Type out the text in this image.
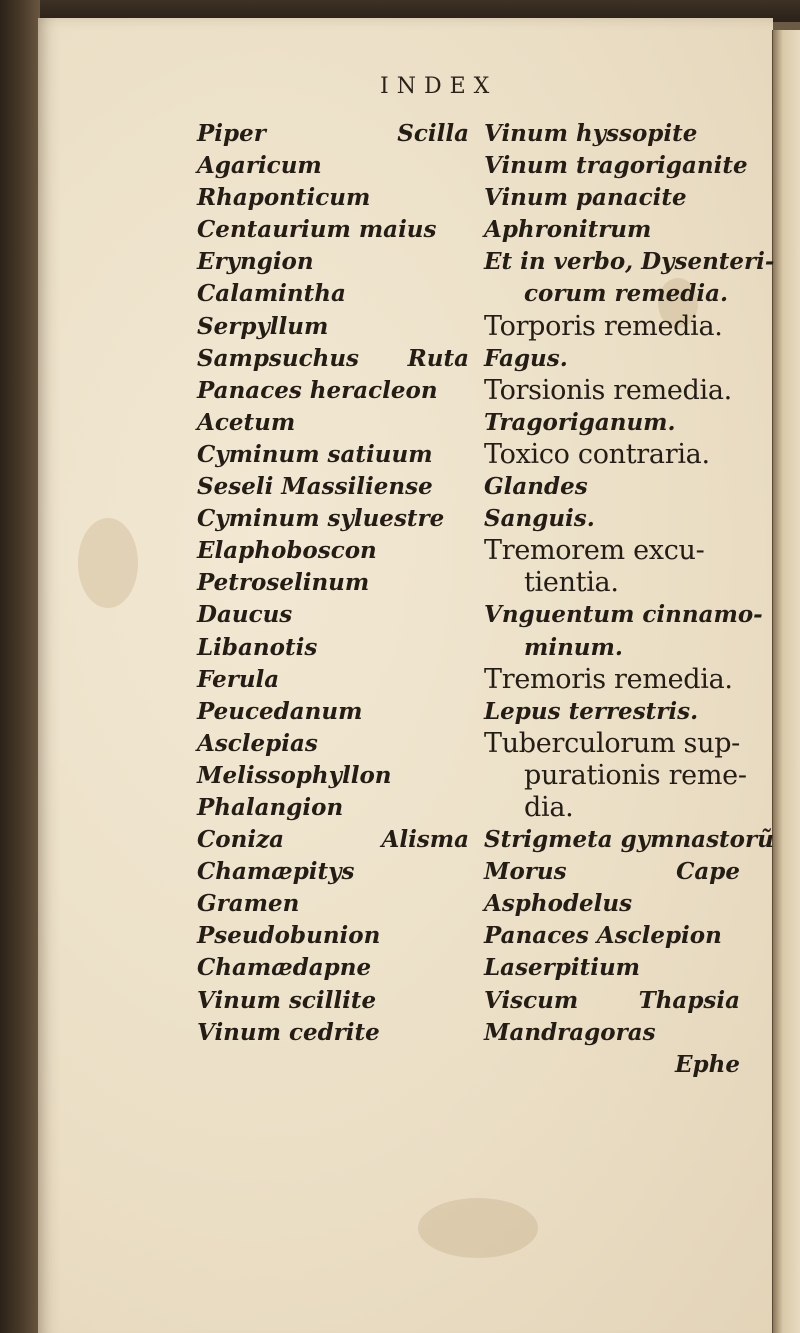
INDEX
Piper	Scilla
Agaricum
Rhaponticum
Centaurium maius
Eryngion
Calamintha
Serpyllum
Sampsuchus Ruta
Panaces heracleon
Acetum
Cyminum satiuum
Seseli Massiliense
Cyminum syluestre
Elaphoboscon
Petroselinum
Daucus
Libanotis
Ferula
Peucedanum
Asclepias
Melissophyllon
Phalangion
Coniza	Alisma
Chamæpitys
Gramen
Pseudobunion
Chamædapne
Vinum scillite
Vinum cedrite
Vinum hyssopite
Vinum tragoriganite
Vinum panacite
Aphronitrum
Et in verbo, Dysenteri-
corum remedia.
Torporis remedia.
Fagus.
Torsionis remedia.
Tragoriganum.
Toxico contraria.
Glandes
Sanguis.
Tremorem excu-
tientia.
Vnguentum cinnamo-
minum.
Tremoris remedia.
Lepus terrestris.
Tuberculorum sup-
purationis reme-
dia.
Strigmeta gymnastorũ
Morus	Cape
Asphodelus
Panaces Asclepion
Laserpitium
Viscum	Thapsia
Mandragoras
Ephe
